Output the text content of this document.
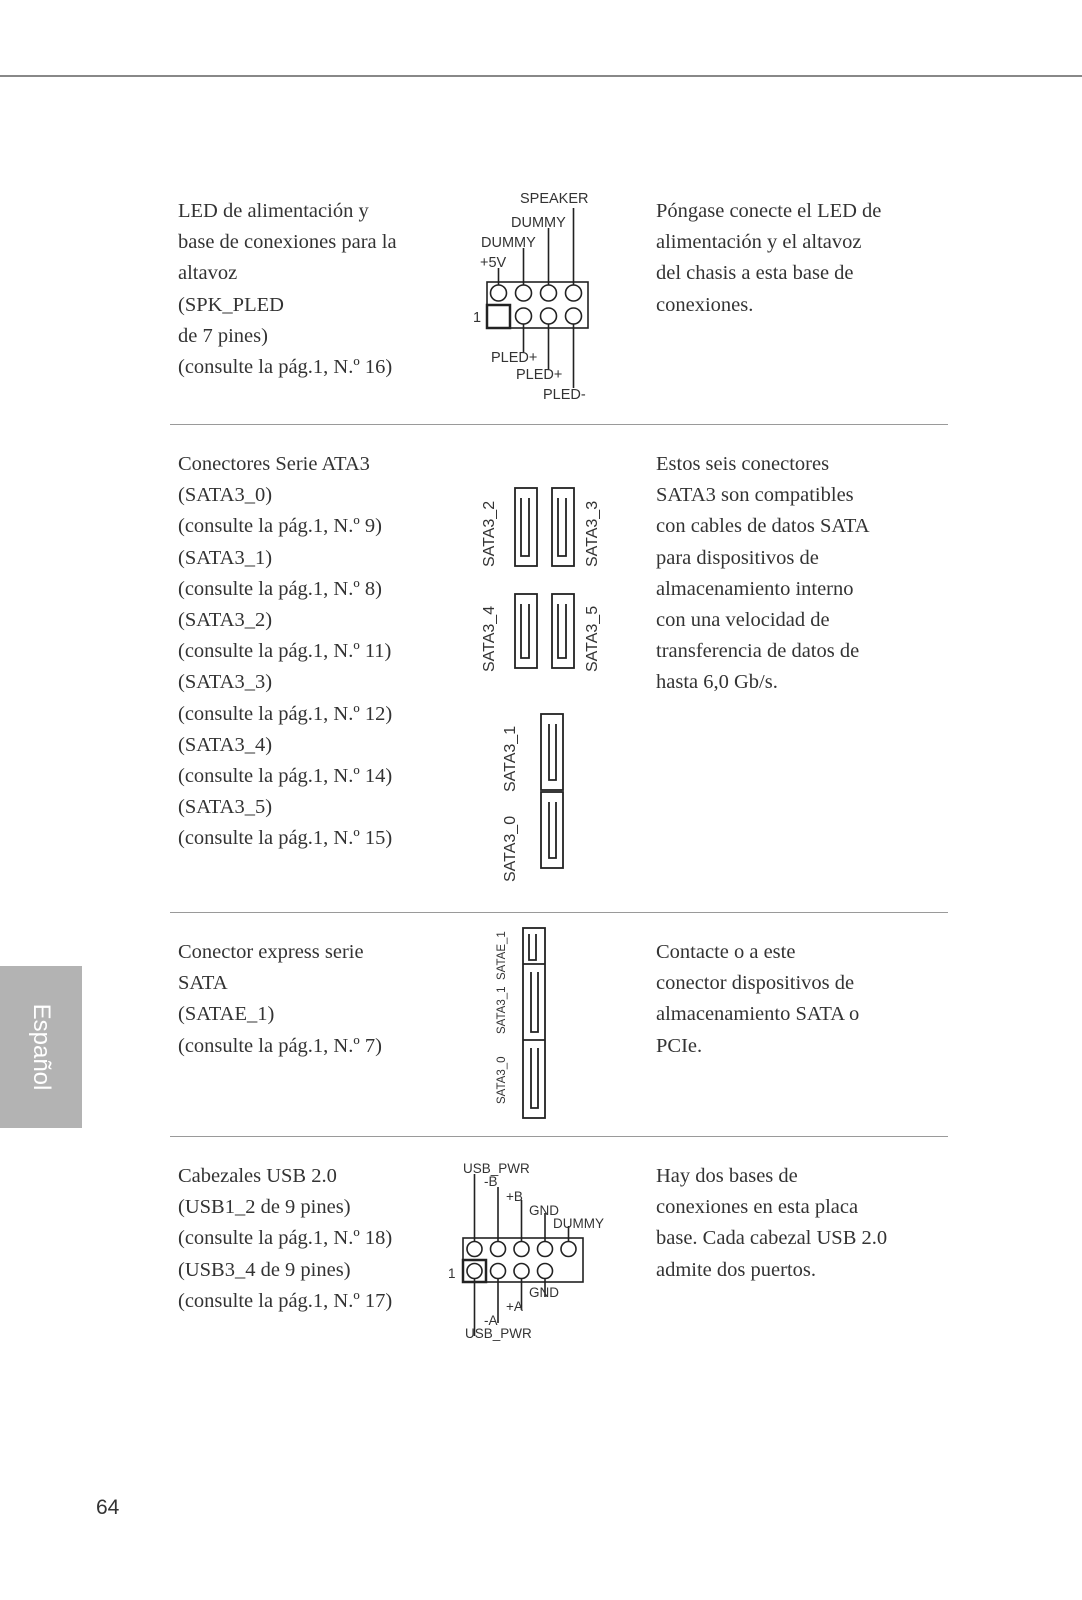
LED de alimentación y
base de conexiones para la
altavoz
(SPK_PLED
de 7 pines)
(consulte la pág.1, N.º 16)
SPEAKER
DUMMY
DUMMY
+5V
1
PLED+
PLED+
PLED-
Póngase conecte el LED de
alimentación y el altavoz
del chasis a esta base de
conexiones.
Conectores Serie ATA3
(SATA3_0)
(consulte la pág.1, N.º 9)
(SATA3_1)
(consulte la pág.1, N.º 8)
(SATA3_2)
(consulte la pág.1, N.º 11)
(SATA3_3)
(consulte la pág.1, N.º 12)
(SATA3_4)
(consulte la pág.1, N.º 14)
(SATA3_5)
(consulte la pág.1, N.º 15)
SATA3_2	SATA3_3
SATA3_4	SATA3_5
SATA3_1
SATA3_0
Estos seis conectores
SATA3 son compatibles
con cables de datos SATA
para dispositivos de
almacenamiento interno
con una velocidad de
transferencia de datos de
hasta 6,0 Gb/s.
Conector express serie
SATA
(SATAE_1)
(consulte la pág.1, N.º 7)
SATAE_1
SATA3_1
SATA3_0
Contacte o a este
conector dispositivos de
almacenamiento SATA o
PCIe.
Cabezales USB 2.0
(USB1_2 de 9 pines)
(consulte la pág.1, N.º 18)
(USB3_4 de 9 pines)
(consulte la pág.1, N.º 17)
USB_PWR
-B
+B
GND
DUMMY
1
GND
+A
-A
USB_PWR
Hay dos bases de
conexiones en esta placa
base. Cada cabezal USB 2.0
admite dos puertos.
Español
64
